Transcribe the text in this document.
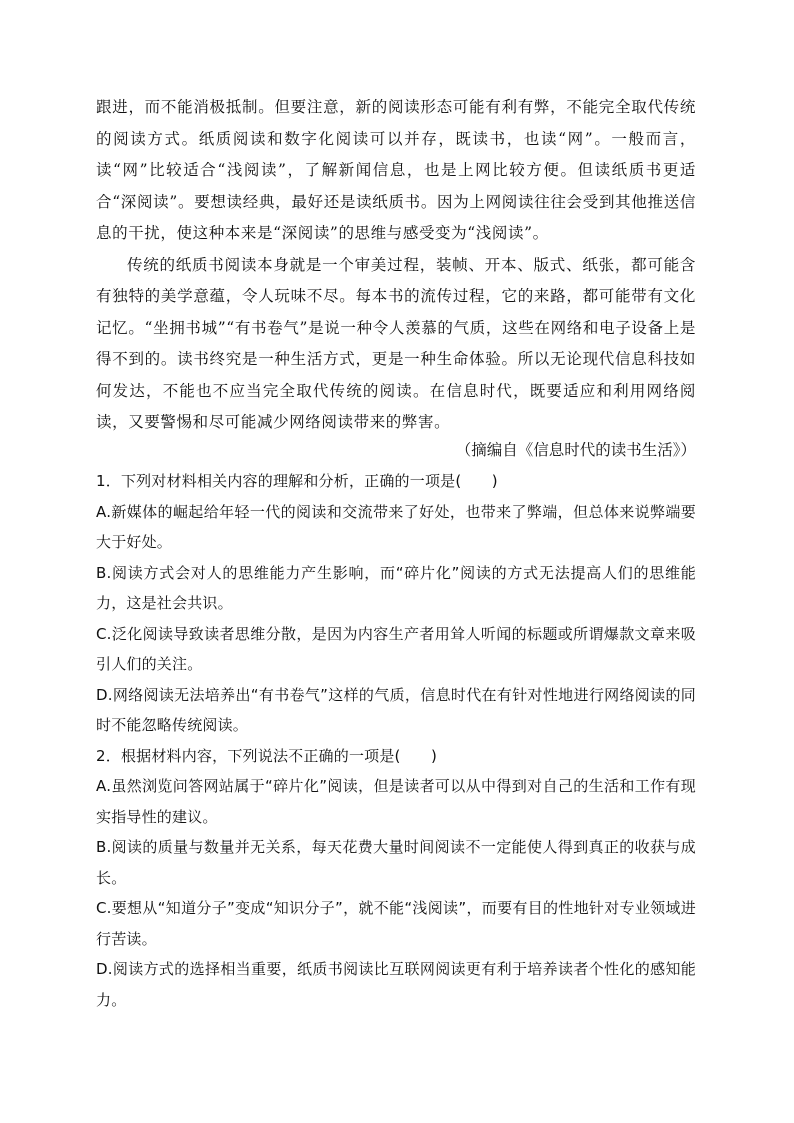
跟进，而不能消极抵制。但要注意，新的阅读形态可能有利有弊，不能完全取代传统的阅读方式。纸质阅读和数字化阅读可以并存，既读书，也读“网”。一般而言，读“网”比较适合“浅阅读”，了解新闻信息，也是上网比较方便。但读纸质书更适合“深阅读”。要想读经典，最好还是读纸质书。因为上网阅读往往会受到其他推送信息的干扰，使这种本来是“深阅读”的思维与感受变为“浅阅读”。

传统的纸质书阅读本身就是一个审美过程，装帧、开本、版式、纸张，都可能含有独特的美学意蕴，令人玩味不尽。每本书的流传过程，它的来路，都可能带有文化记忆。“坐拥书城”“有书卷气”是说一种令人羡慕的气质，这些在网络和电子设备上是得不到的。读书终究是一种生活方式，更是一种生命体验。所以无论现代信息科技如何发达，不能也不应当完全取代传统的阅读。在信息时代，既要适应和利用网络阅读，又要警惕和尽可能减少网络阅读带来的弊害。

（摘编自《信息时代的读书生活》）

1．下列对材料相关内容的理解和分析，正确的一项是(　　)

A.新媒体的崛起给年轻一代的阅读和交流带来了好处，也带来了弊端，但总体来说弊端要大于好处。

B.阅读方式会对人的思维能力产生影响，而“碎片化”阅读的方式无法提高人们的思维能力，这是社会共识。

C.泛化阅读导致读者思维分散，是因为内容生产者用耸人听闻的标题或所谓爆款文章来吸引人们的关注。

D.网络阅读无法培养出“有书卷气”这样的气质，信息时代在有针对性地进行网络阅读的同时不能忽略传统阅读。

2．根据材料内容，下列说法不正确的一项是(　　)

A.虽然浏览问答网站属于“碎片化”阅读，但是读者可以从中得到对自己的生活和工作有现实指导性的建议。

B.阅读的质量与数量并无关系，每天花费大量时间阅读不一定能使人得到真正的收获与成长。

C.要想从“知道分子”变成“知识分子”，就不能“浅阅读”，而要有目的性地针对专业领域进行苦读。

D.阅读方式的选择相当重要，纸质书阅读比互联网阅读更有利于培养读者个性化的感知能力。
